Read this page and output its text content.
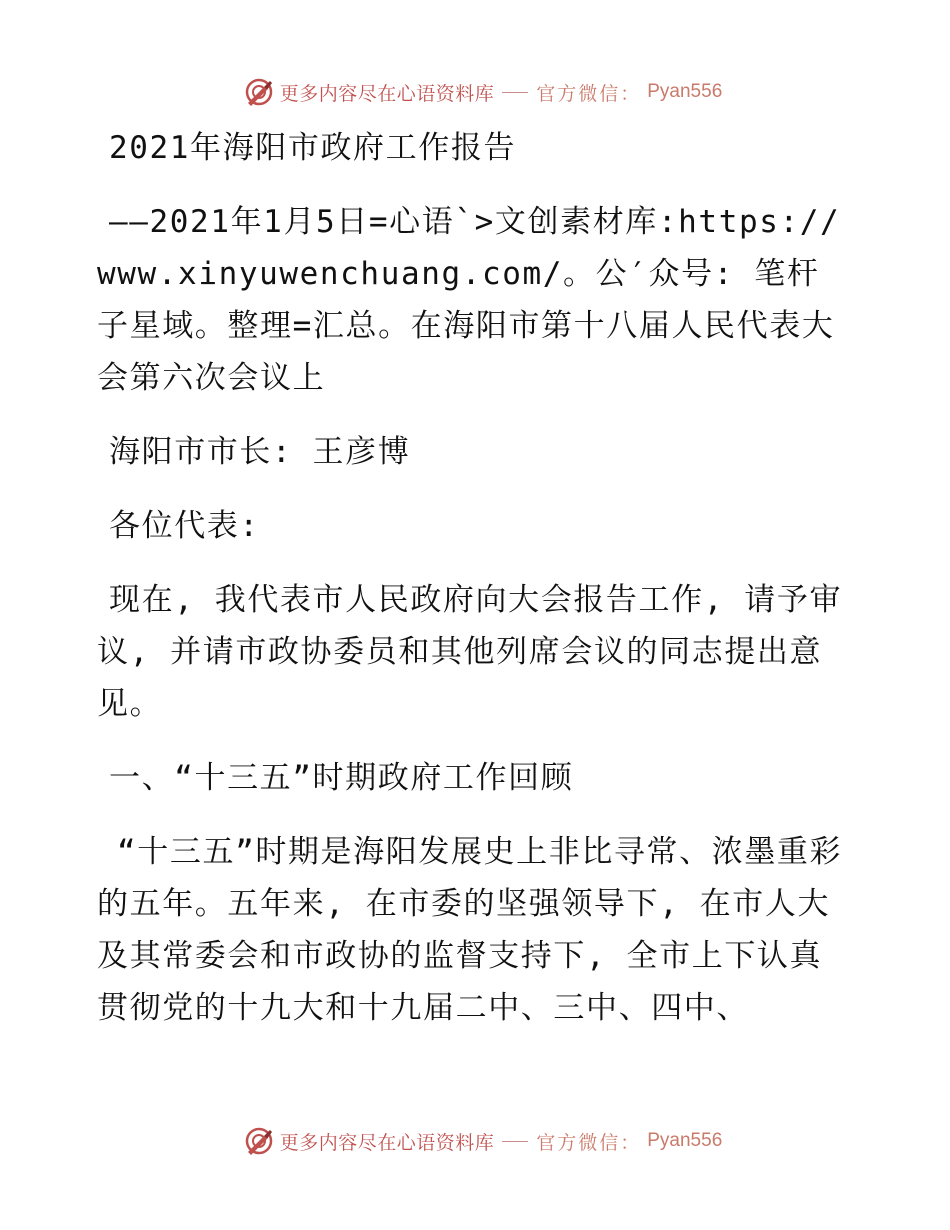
更多内容尽在心语资料库 官方微信： Pyan556

2021年海阳市政府工作报告

——2021年1月5日=心语`>文创素材库:https://www.xinyuwenchuang.com/。公′众号: 笔杆子星域。整理=汇总。在海阳市第十八届人民代表大会第六次会议上

海阳市市长: 王彦博

各位代表:

现在, 我代表市人民政府向大会报告工作, 请予审议, 并请市政协委员和其他列席会议的同志提出意见。

一、“十三五”时期政府工作回顾

“十三五”时期是海阳发展史上非比寻常、浓墨重彩的五年。五年来, 在市委的坚强领导下, 在市人大及其常委会和市政协的监督支持下, 全市上下认真贯彻党的十九大和十九届二中、三中、四中、

更多内容尽在心语资料库 官方微信： Pyan556
